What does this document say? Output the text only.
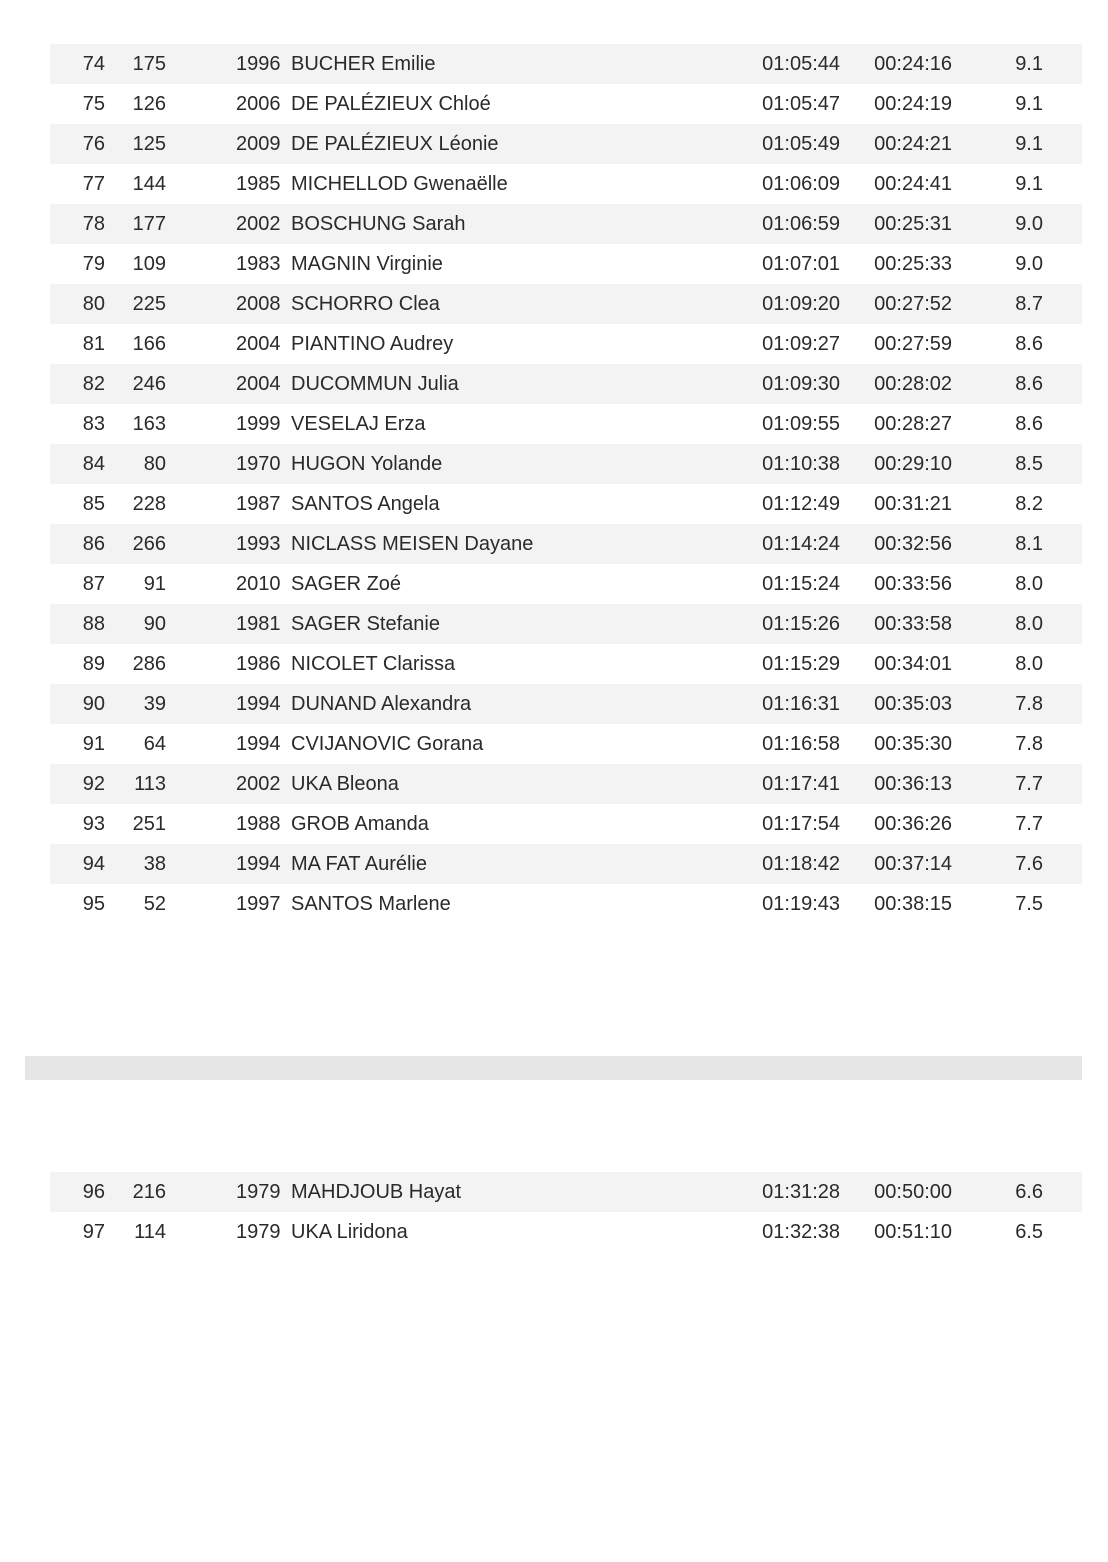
74	175	1996 BUCHER Emilie	01:05:44	00:24:16	9.1
75	126	2006 DE PALÉZIEUX Chloé	01:05:47	00:24:19	9.1
76	125	2009 DE PALÉZIEUX Léonie	01:05:49	00:24:21	9.1
77	144	1985 MICHELLOD Gwenaëlle	01:06:09	00:24:41	9.1
78	177	2002 BOSCHUNG Sarah	01:06:59	00:25:31	9.0
79	109	1983 MAGNIN Virginie	01:07:01	00:25:33	9.0
80	225	2008 SCHORRO Clea	01:09:20	00:27:52	8.7
81	166	2004 PIANTINO Audrey	01:09:27	00:27:59	8.6
82	246	2004 DUCOMMUN Julia	01:09:30	00:28:02	8.6
83	163	1999 VESELAJ Erza	01:09:55	00:28:27	8.6
84	80	1970 HUGON Yolande	01:10:38	00:29:10	8.5
85	228	1987 SANTOS Angela	01:12:49	00:31:21	8.2
86	266	1993 NICLASS MEISEN Dayane	01:14:24	00:32:56	8.1
87	91	2010 SAGER Zoé	01:15:24	00:33:56	8.0
88	90	1981 SAGER Stefanie	01:15:26	00:33:58	8.0
89	286	1986 NICOLET Clarissa	01:15:29	00:34:01	8.0
90	39	1994 DUNAND Alexandra	01:16:31	00:35:03	7.8
91	64	1994 CVIJANOVIC Gorana	01:16:58	00:35:30	7.8
92	113	2002 UKA Bleona	01:17:41	00:36:13	7.7
93	251	1988 GROB Amanda	01:17:54	00:36:26	7.7
94	38	1994 MA FAT Aurélie	01:18:42	00:37:14	7.6
95	52	1997 SANTOS Marlene	01:19:43	00:38:15	7.5
96	216	1979 MAHDJOUB Hayat	01:31:28	00:50:00	6.6
97	114	1979 UKA Liridona	01:32:38	00:51:10	6.5
